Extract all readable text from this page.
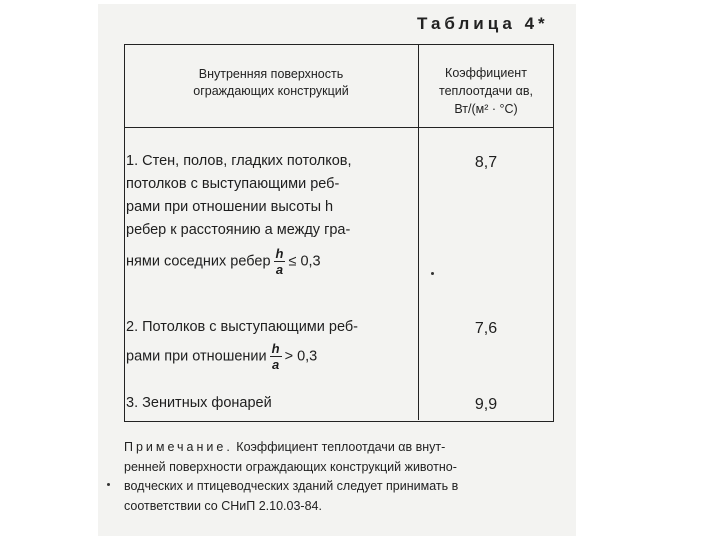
Таблица 4*
Внутренняя поверхность
ограждающих конструкций
Коэффициент
теплоотдачи αв,
Вт/(м² · °С)
1. Стен, полов, гладких потолков,
потолков с выступающими реб-
рами при отношении высоты h
ребер к расстоянию a между гра-
нями соседних ребер $\frac{h}{a} \le 0,3$
8,7
2. Потолков с выступающими реб-
рами при отношении $\frac{h}{a} > 0,3$
7,6
3. Зенитных фонарей	9,9
Примечание. Коэффициент теплоотдачи αв внут-
ренней поверхности ограждающих конструкций животно-
водческих и птицеводческих зданий следует принимать в
соответствии со СНиП 2.10.03-84.
